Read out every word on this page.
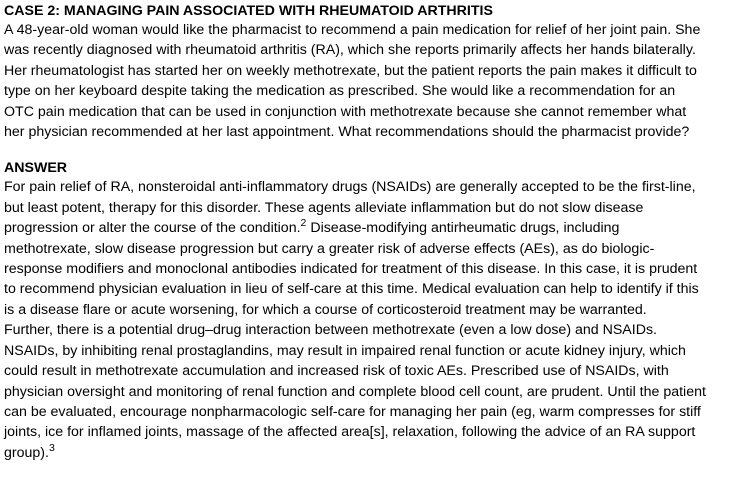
CASE 2: MANAGING PAIN ASSOCIATED WITH RHEUMATOID ARTHRITIS
A 48-year-old woman would like the pharmacist to recommend a pain medication for relief of her joint pain. She
was recently diagnosed with rheumatoid arthritis (RA), which she reports primarily affects her hands bilaterally.
Her rheumatologist has started her on weekly methotrexate, but the patient reports the pain makes it difficult to
type on her keyboard despite taking the medication as prescribed. She would like a recommendation for an
OTC pain medication that can be used in conjunction with methotrexate because she cannot remember what
her physician recommended at her last appointment. What recommendations should the pharmacist provide?
ANSWER
For pain relief of RA, nonsteroidal anti-inflammatory drugs (NSAIDs) are generally accepted to be the first-line,
but least potent, therapy for this disorder. These agents alleviate inflammation but do not slow disease
progression or alter the course of the condition.$^2$ Disease-modifying antirheumatic drugs, including
methotrexate, slow disease progression but carry a greater risk of adverse effects (AEs), as do biologic-
response modifiers and monoclonal antibodies indicated for treatment of this disease. In this case, it is prudent
to recommend physician evaluation in lieu of self-care at this time. Medical evaluation can help to identify if this
is a disease flare or acute worsening, for which a course of corticosteroid treatment may be warranted.
Further, there is a potential drug–drug interaction between methotrexate (even a low dose) and NSAIDs.
NSAIDs, by inhibiting renal prostaglandins, may result in impaired renal function or acute kidney injury, which
could result in methotrexate accumulation and increased risk of toxic AEs. Prescribed use of NSAIDs, with
physician oversight and monitoring of renal function and complete blood cell count, are prudent. Until the patient
can be evaluated, encourage nonpharmacologic self-care for managing her pain (eg, warm compresses for stiff
joints, ice for inflamed joints, massage of the affected area[s], relaxation, following the advice of an RA support
group).$^3$
